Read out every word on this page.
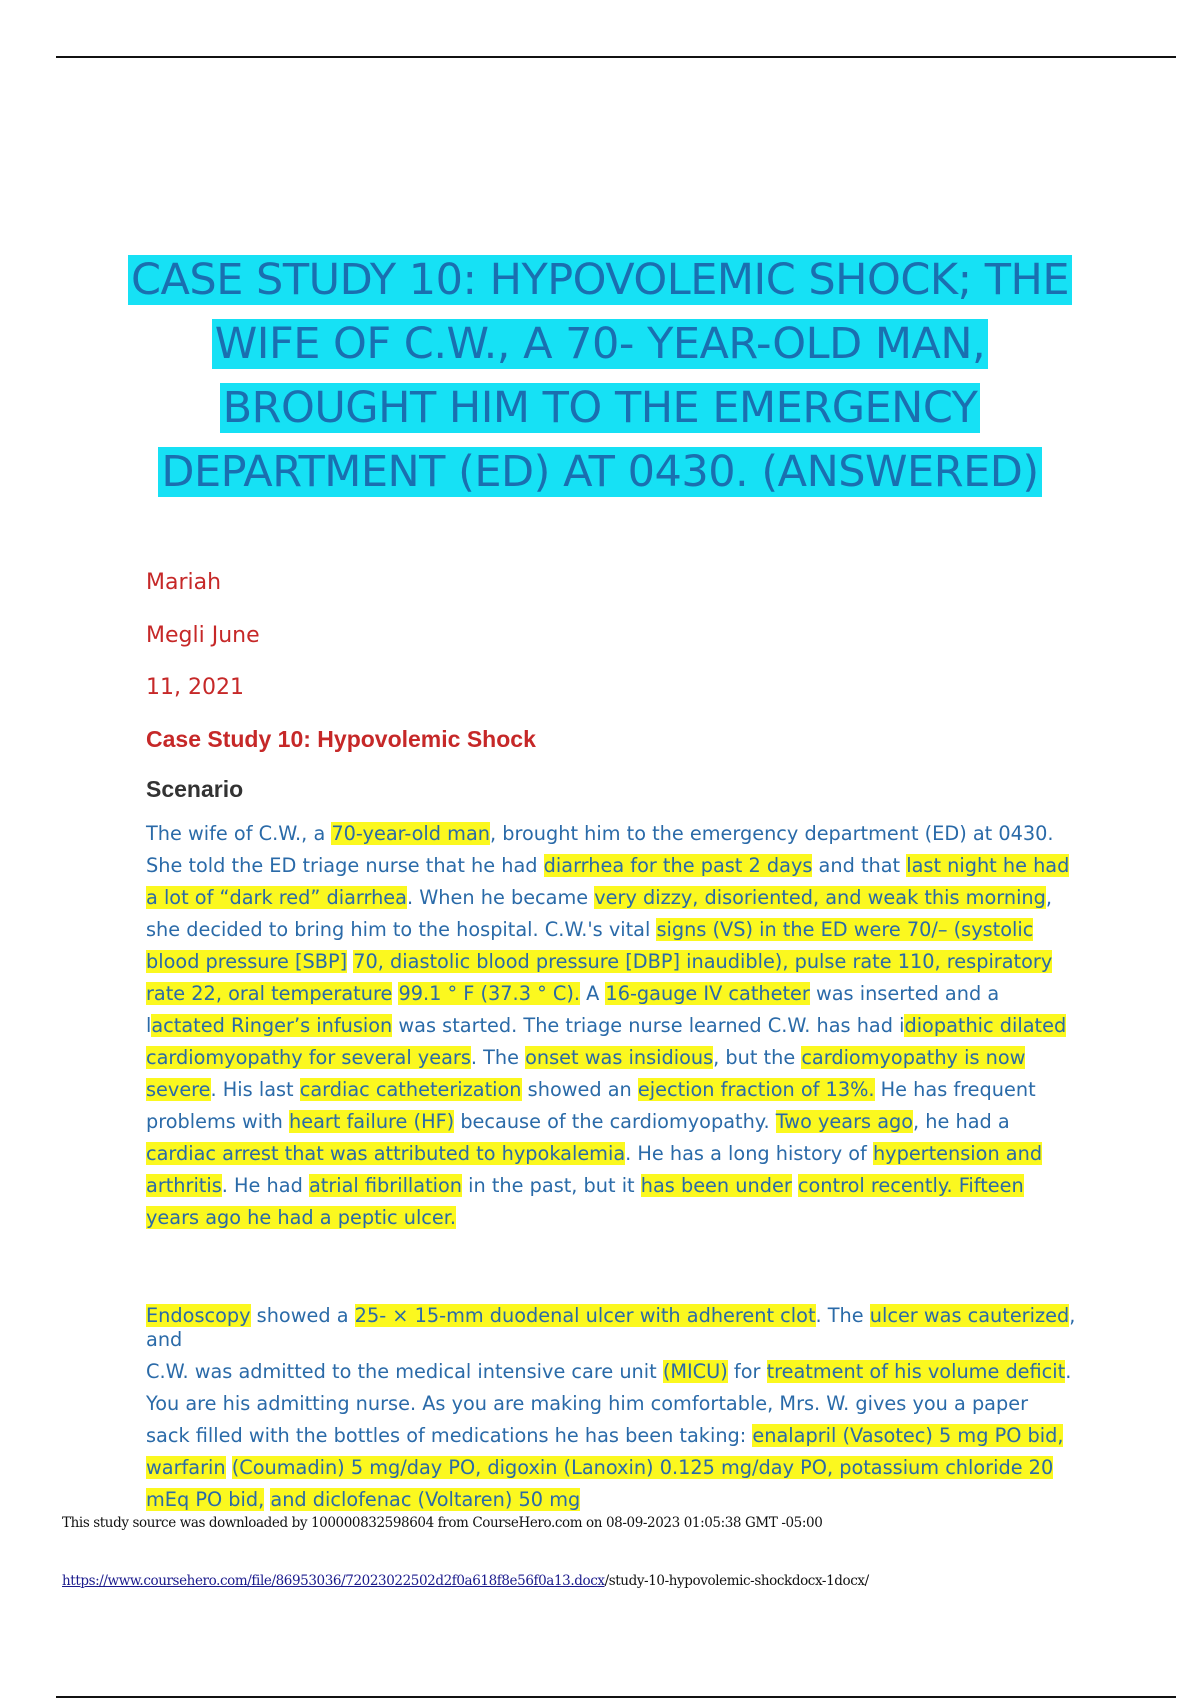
CASE STUDY 10: HYPOVOLEMIC SHOCK; THE
WIFE OF C.W., A 70- YEAR-OLD MAN,
BROUGHT HIM TO THE EMERGENCY
DEPARTMENT (ED) AT 0430. (ANSWERED)

Mariah

Megli June

11, 2021

Case Study 10: Hypovolemic Shock

Scenario

The wife of C.W., a 70-year-old man, brought him to the emergency department (ED) at 0430. She told the ED triage nurse that he had diarrhea for the past 2 days and that last night he had a lot of “dark red” diarrhea. When he became very dizzy, disoriented, and weak this morning, she decided to bring him to the hospital. C.W.'s vital signs (VS) in the ED were 70/– (systolic blood pressure [SBP] 70, diastolic blood pressure [DBP] inaudible), pulse rate 110, respiratory rate 22, oral temperature 99.1 ° F (37.3 ° C). A 16-gauge IV catheter was inserted and a lactated Ringer’s infusion was started. The triage nurse learned C.W. has had idiopathic dilated cardiomyopathy for several years. The onset was insidious, but the cardiomyopathy is now severe. His last cardiac catheterization showed an ejection fraction of 13%. He has frequent problems with heart failure (HF) because of the cardiomyopathy. Two years ago, he had a cardiac arrest that was attributed to hypokalemia. He has a long history of hypertension and arthritis. He had atrial fibrillation in the past, but it has been under control recently. Fifteen years ago he had a peptic ulcer.

Endoscopy showed a 25- × 15-mm duodenal ulcer with adherent clot. The ulcer was cauterized, and

C.W. was admitted to the medical intensive care unit (MICU) for treatment of his volume deficit. You are his admitting nurse. As you are making him comfortable, Mrs. W. gives you a paper sack filled with the bottles of medications he has been taking: enalapril (Vasotec) 5 mg PO bid, warfarin (Coumadin) 5 mg/day PO, digoxin (Lanoxin) 0.125 mg/day PO, potassium chloride 20 mEq PO bid, and diclofenac (Voltaren) 50 mg

This study source was downloaded by 100000832598604 from CourseHero.com on 08-09-2023 01:05:38 GMT -05:00

https://www.coursehero.com/file/86953036/72023022502d2f0a618f8e56f0a13.docx/study-10-hypovolemic-shockdocx-1docx/
